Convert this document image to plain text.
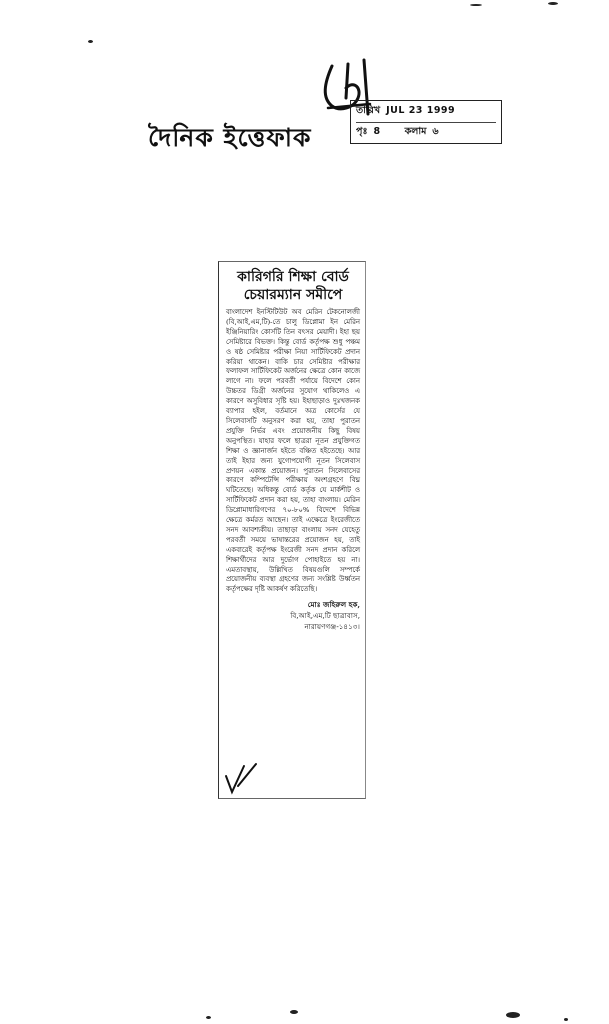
দৈনিক ইত্তেফাক
তারিখ JUL 23 1999
পৃঃ 8	কলাম ৬
কারিগরি শিক্ষা বোর্ড
চেয়ারম্যান সমীপে

বাংলাদেশ ইনস্টিটিউট অব মেরিন টেকনোলজী (বি,আই,এম,টি)-তে চালু ডিপ্লোমা ইন মেরিন ইঞ্জিনিয়ারিং কোর্সটি তিন বৎসর মেয়াদী। ইহা ছয় সেমিষ্টারে বিভক্ত। কিন্তু বোর্ড কর্তৃপক্ষ শুধু পঞ্চম ও ষষ্ঠ সেমিষ্টার পরীক্ষা নিয়া সার্টিফিকেট প্রদান করিয়া থাকেন। বাকি চার সেমিষ্টার পরীক্ষার ফলাফল সার্টিফিকেট অর্জনের ক্ষেত্রে কোন কাজে লাগে না। ফলে পরবর্তী পর্যায়ে বিদেশে কোন উচ্চতর ডিগ্রী অর্জনের সুযোগ থাকিলেও এ কারণে অসুবিধার সৃষ্টি হয়। ইহাছাড়াও দুঃখজনক ব্যাপার হইল, বর্তমানে অত্র কোর্সের যে সিলেবাসটি অনুসরণ করা হয়, তাহা পুরাতন প্রযুক্তি নির্ভর এবং প্রয়োজনীয় কিছু বিষয় অনুপস্থিত। যাহার ফলে ছাত্ররা নূতন প্রযুক্তিগত শিক্ষা ও জ্ঞানার্জন হইতে বঞ্চিত হইতেছে। আর তাই ইহার জন্য যুগোপযোগী নূতন সিলেবাস প্রণয়ন একান্ত প্রয়োজন। পুরাতন সিলেবাসের কারণে কম্পিটেন্সি পরীক্ষায় অংশগ্রহণে বিঘ্ন ঘটিতেছে। অধিকন্তু বোর্ড কর্তৃক যে মার্কশীট ও সার্টিফিকেট প্রদান করা হয়, তাহা বাংলায়। মেরিন ডিপ্লোমাধারিগণের ৭০-৮০% বিদেশে বিভিন্ন ক্ষেত্রে কর্মরত আছেন। তাই এক্ষেত্রে ইংরেজীতে সনদ আবশ্যকীয়। তাছাড়া বাংলায় সনদ যেহেতু পরবর্তী সময়ে ভাষান্তরের প্রয়োজন হয়, তাই একবারেই কর্তৃপক্ষ ইংরেজী সনদ প্রদান করিলে শিক্ষার্থীদের আর দুর্ভোগ পোহাইতে হয় না। এমতাবস্থায়, উল্লিখিত বিষয়গুলি সম্পর্কে প্রয়োজনীয় ব্যবস্থা গ্রহণের জন্য সংশ্লিষ্ট উর্ধ্বতন কর্তৃপক্ষের দৃষ্টি আকর্ষণ করিতেছি।

মোঃ জহিরুল হক,
বি,আই,এম,টি ছাত্রাবাস,
নারায়ণগঞ্জ-১৪১৩।
